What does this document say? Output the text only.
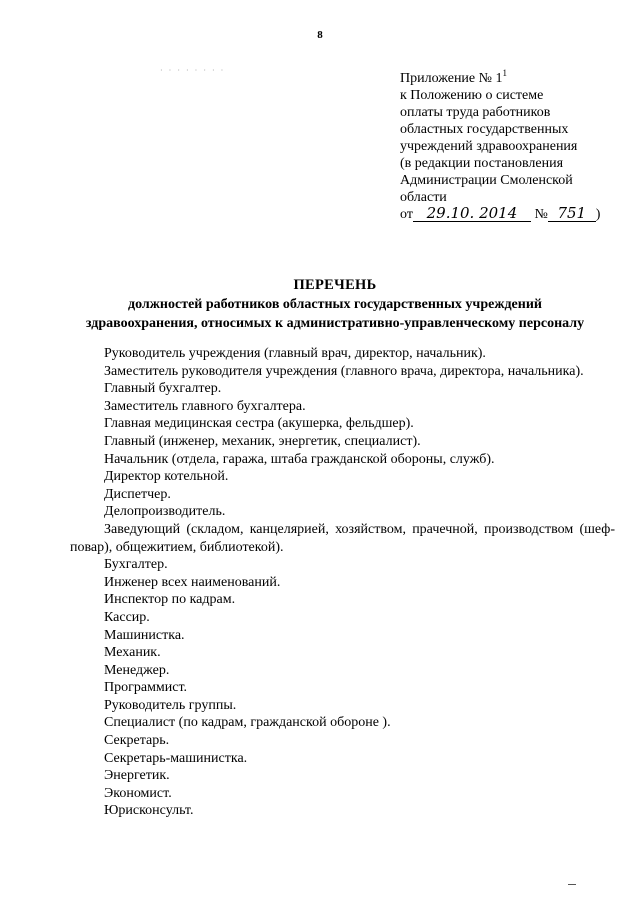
8
· · · · · · · ·
Приложение № $1^1$
к Положению о системе
оплаты труда работников
областных государственных
учреждений здравоохранения
(в редакции постановления
Администрации Смоленской
области
от 29.10. 2014 № 751 )
ПЕРЕЧЕНЬ
должностей работников областных государственных учреждений
здравоохранения, относимых к административно-управленческому персоналу
Руководитель учреждения (главный врач, директор, начальник).
Заместитель руководителя учреждения (главного врача, директора, начальника).
Главный бухгалтер.
Заместитель главного бухгалтера.
Главная медицинская сестра (акушерка, фельдшер).
Главный (инженер, механик, энергетик, специалист).
Начальник (отдела, гаража, штаба гражданской обороны, служб).
Директор котельной.
Диспетчер.
Делопроизводитель.
Заведующий (складом, канцелярией, хозяйством, прачечной, производством (шеф-повар), общежитием, библиотекой).
Бухгалтер.
Инженер всех наименований.
Инспектор по кадрам.
Кассир.
Машинистка.
Механик.
Менеджер.
Программист.
Руководитель группы.
Специалист (по кадрам, гражданской обороне ).
Секретарь.
Секретарь-машинистка.
Энергетик.
Экономист.
Юрисконсульт.
